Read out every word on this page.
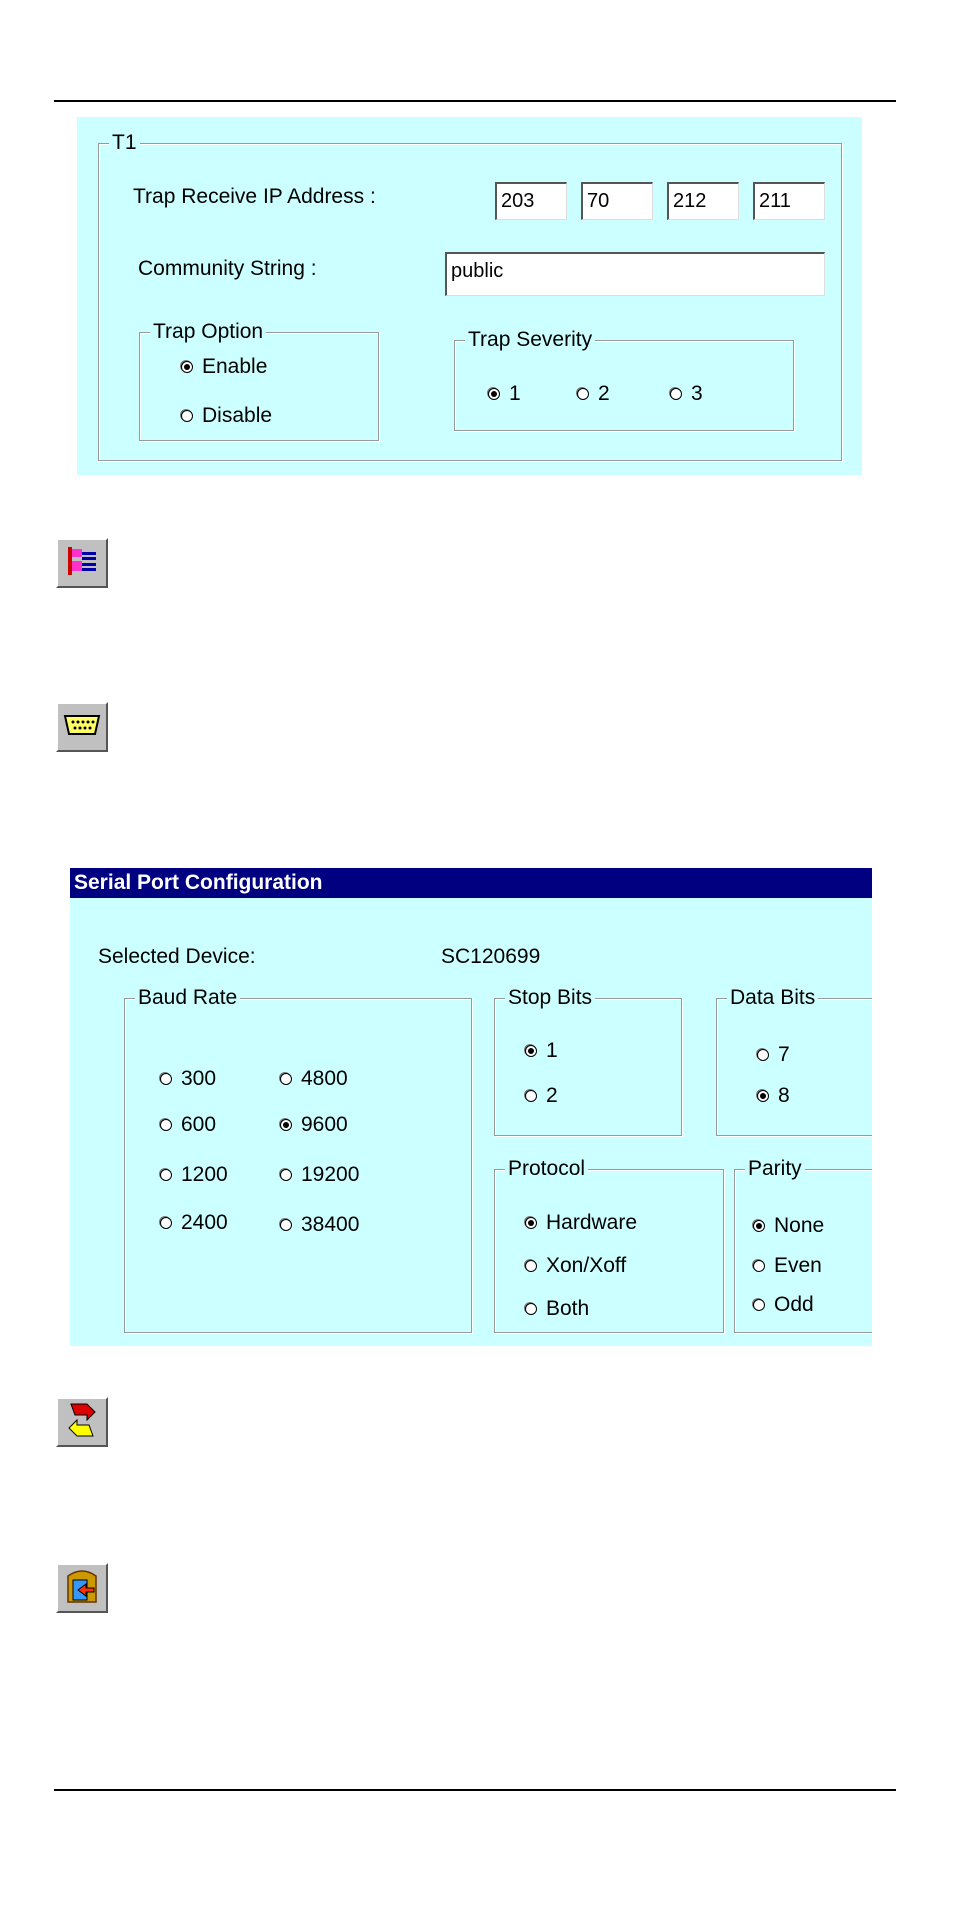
T1
Trap Receive IP Address :	203	70	212	211
Community String :	public
Trap Option
Enable
Disable
Trap Severity
1	2	3
Serial Port Configuration
Selected Device:	SC120699
Baud Rate
300	4800
600	9600
1200	19200
2400	38400
Stop Bits
1
2
Data Bits
7
8
Protocol
Hardware
Xon/Xoff
Both
Parity
None
Even
Odd
